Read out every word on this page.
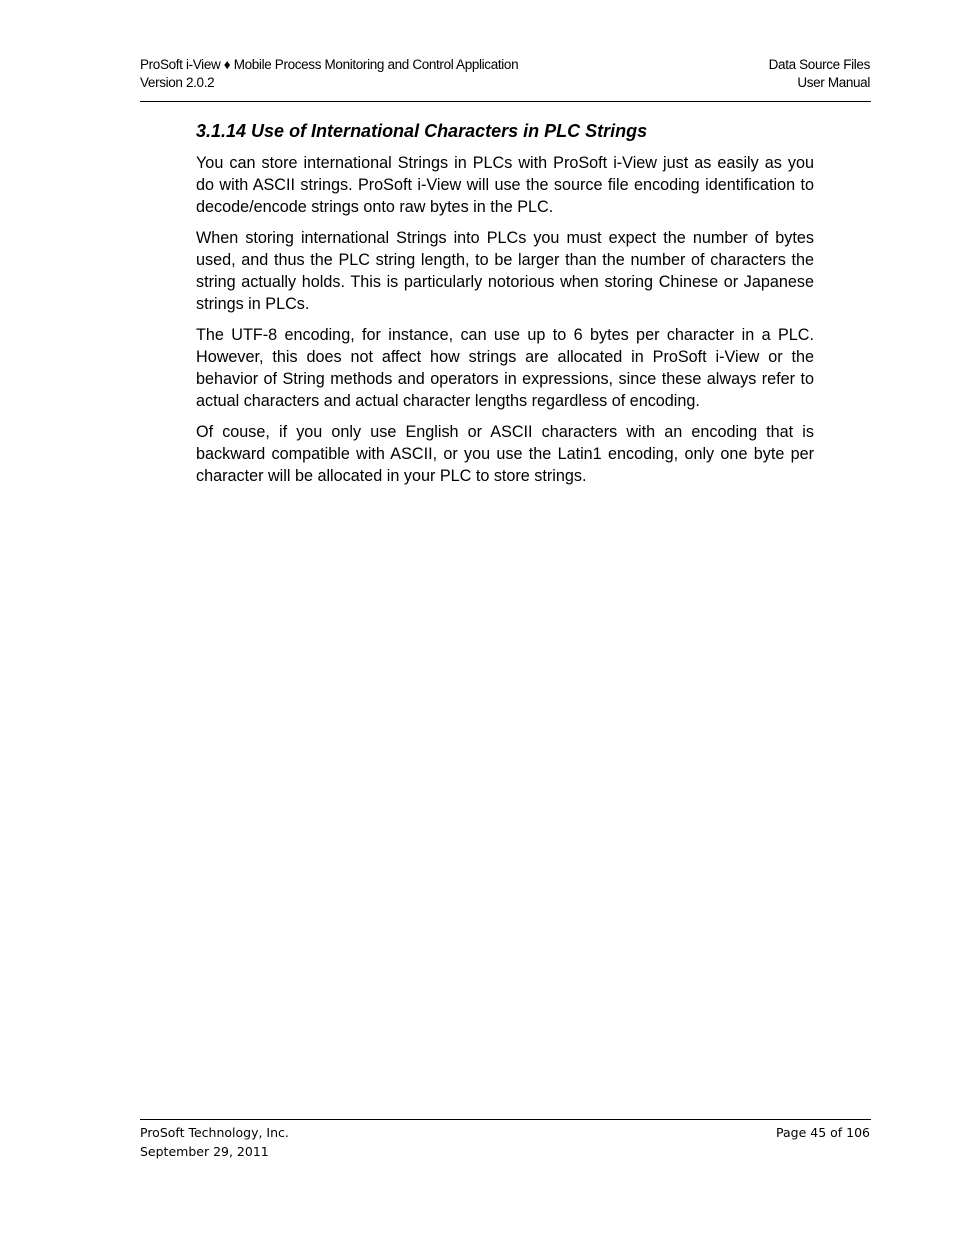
ProSoft i-View ♦ Mobile Process Monitoring and Control Application
Version 2.0.2
Data Source Files
User Manual
3.1.14 Use of International Characters in PLC Strings

You can store international Strings in PLCs with ProSoft i-View just as easily as you do with ASCII strings. ProSoft i-View will use the source file encoding identification to decode/encode strings onto raw bytes in the PLC.

When storing international Strings into PLCs you must expect the number of bytes used, and thus the PLC string length, to be larger than the number of characters the string actually holds. This is particularly notorious when storing Chinese or Japanese strings in PLCs.

The UTF-8 encoding, for instance, can use up to 6 bytes per character in a PLC. However, this does not affect how strings are allocated in ProSoft i-View or the behavior of String methods and operators in expressions, since these always refer to actual characters and actual character lengths regardless of encoding.

Of couse, if you only use English or ASCII characters with an encoding that is backward compatible with ASCII, or you use the Latin1 encoding, only one byte per character will be allocated in your PLC to store strings.

ProSoft Technology, Inc.
September 29, 2011
Page 45 of 106
